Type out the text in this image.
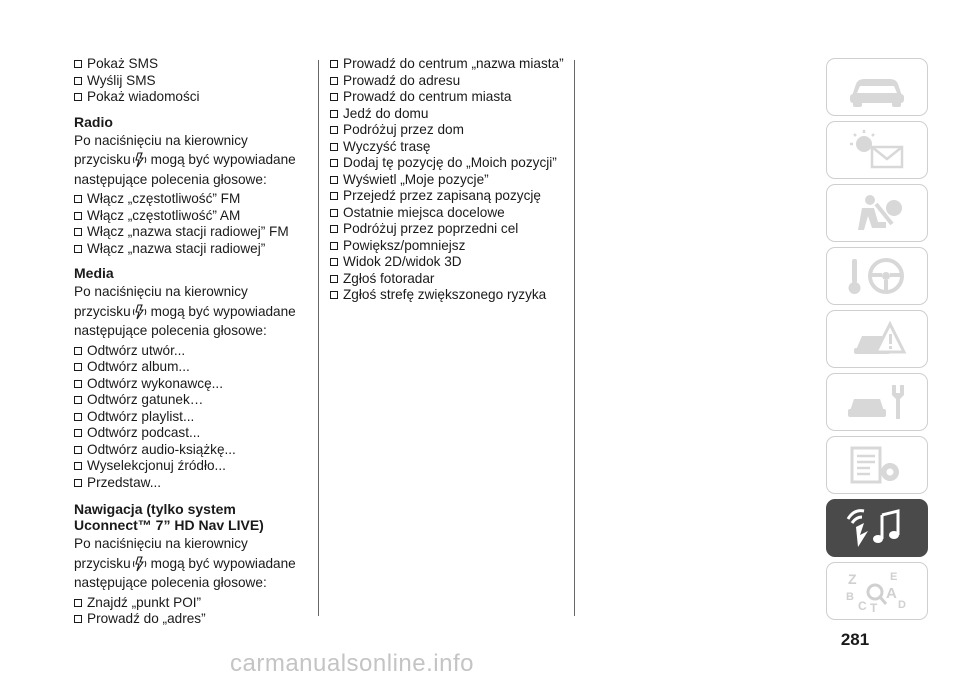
Pokaż SMS
Wyślij SMS
Pokaż wiadomości
Radio

Po naciśnięciu na kierownicy
przycisku mogą być wypowiadane
następujące polecenia głosowe:

Włącz „częstotliwość” FM
Włącz „częstotliwość” AM
Włącz „nazwa stacji radiowej” FM
Włącz „nazwa stacji radiowej”
Media

Po naciśnięciu na kierownicy
przycisku mogą być wypowiadane
następujące polecenia głosowe:

Odtwórz utwór...
Odtwórz album...
Odtwórz wykonawcę...
Odtwórz gatunek…
Odtwórz playlist...
Odtwórz podcast...
Odtwórz audio-książkę...
Wyselekcjonuj źródło...
Przedstaw...
Nawigacja (tylko system
Uconnect™ 7” HD Nav LIVE)

Po naciśnięciu na kierownicy
przycisku mogą być wypowiadane
następujące polecenia głosowe:

Znajdź „punkt POI”
Prowadź do „adres”
Prowadź do centrum „nazwa miasta”
Prowadź do adresu
Prowadź do centrum miasta
Jedź do domu
Podróżuj przez dom
Wyczyść trasę
Dodaj tę pozycję do „Moich pozycji”
Wyświetl „Moje pozycje”
Przejedź przez zapisaną pozycję
Ostatnie miejsca docelowe
Podróżuj przez poprzedni cel
Powiększ/pomniejsz
Widok 2D/widok 3D
Zgłoś fotoradar
Zgłoś strefę zwiększonego ryzyka
Z	E
B A
C T D
281
carmanualsonline.info
